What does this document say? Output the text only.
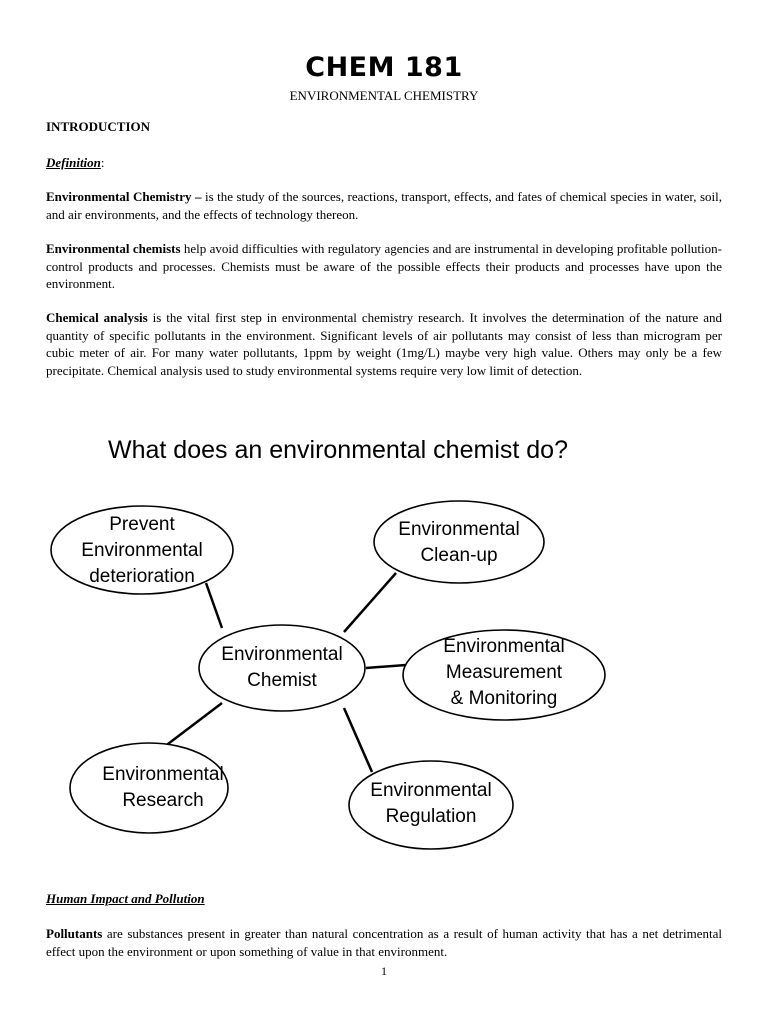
CHEM 181
ENVIRONMENTAL CHEMISTRY
INTRODUCTION
Definition:
Environmental Chemistry – is the study of the sources, reactions, transport, effects, and fates of chemical species in water, soil, and air environments, and the effects of technology thereon.
Environmental chemists help avoid difficulties with regulatory agencies and are instrumental in developing profitable pollution-control products and processes. Chemists must be aware of the possible effects their products and processes have upon the environment.
Chemical analysis is the vital first step in environmental chemistry research. It involves the determination of the nature and quantity of specific pollutants in the environment. Significant levels of air pollutants may consist of less than microgram per cubic meter of air. For many water pollutants, 1ppm by weight (1mg/L) maybe very high value. Others may only be a few precipitate. Chemical analysis used to study environmental systems require very low limit of detection.
What does an environmental chemist do?
Prevent
Environmental
deterioration
Environmental
Clean-up
Environmental
Chemist
Environmental
Measurement
& Monitoring
Environmental
Research	Environmental
Regulation
Human Impact and Pollution
Pollutants are substances present in greater than natural concentration as a result of human activity that has a net detrimental effect upon the environment or upon something of value in that environment.
1
